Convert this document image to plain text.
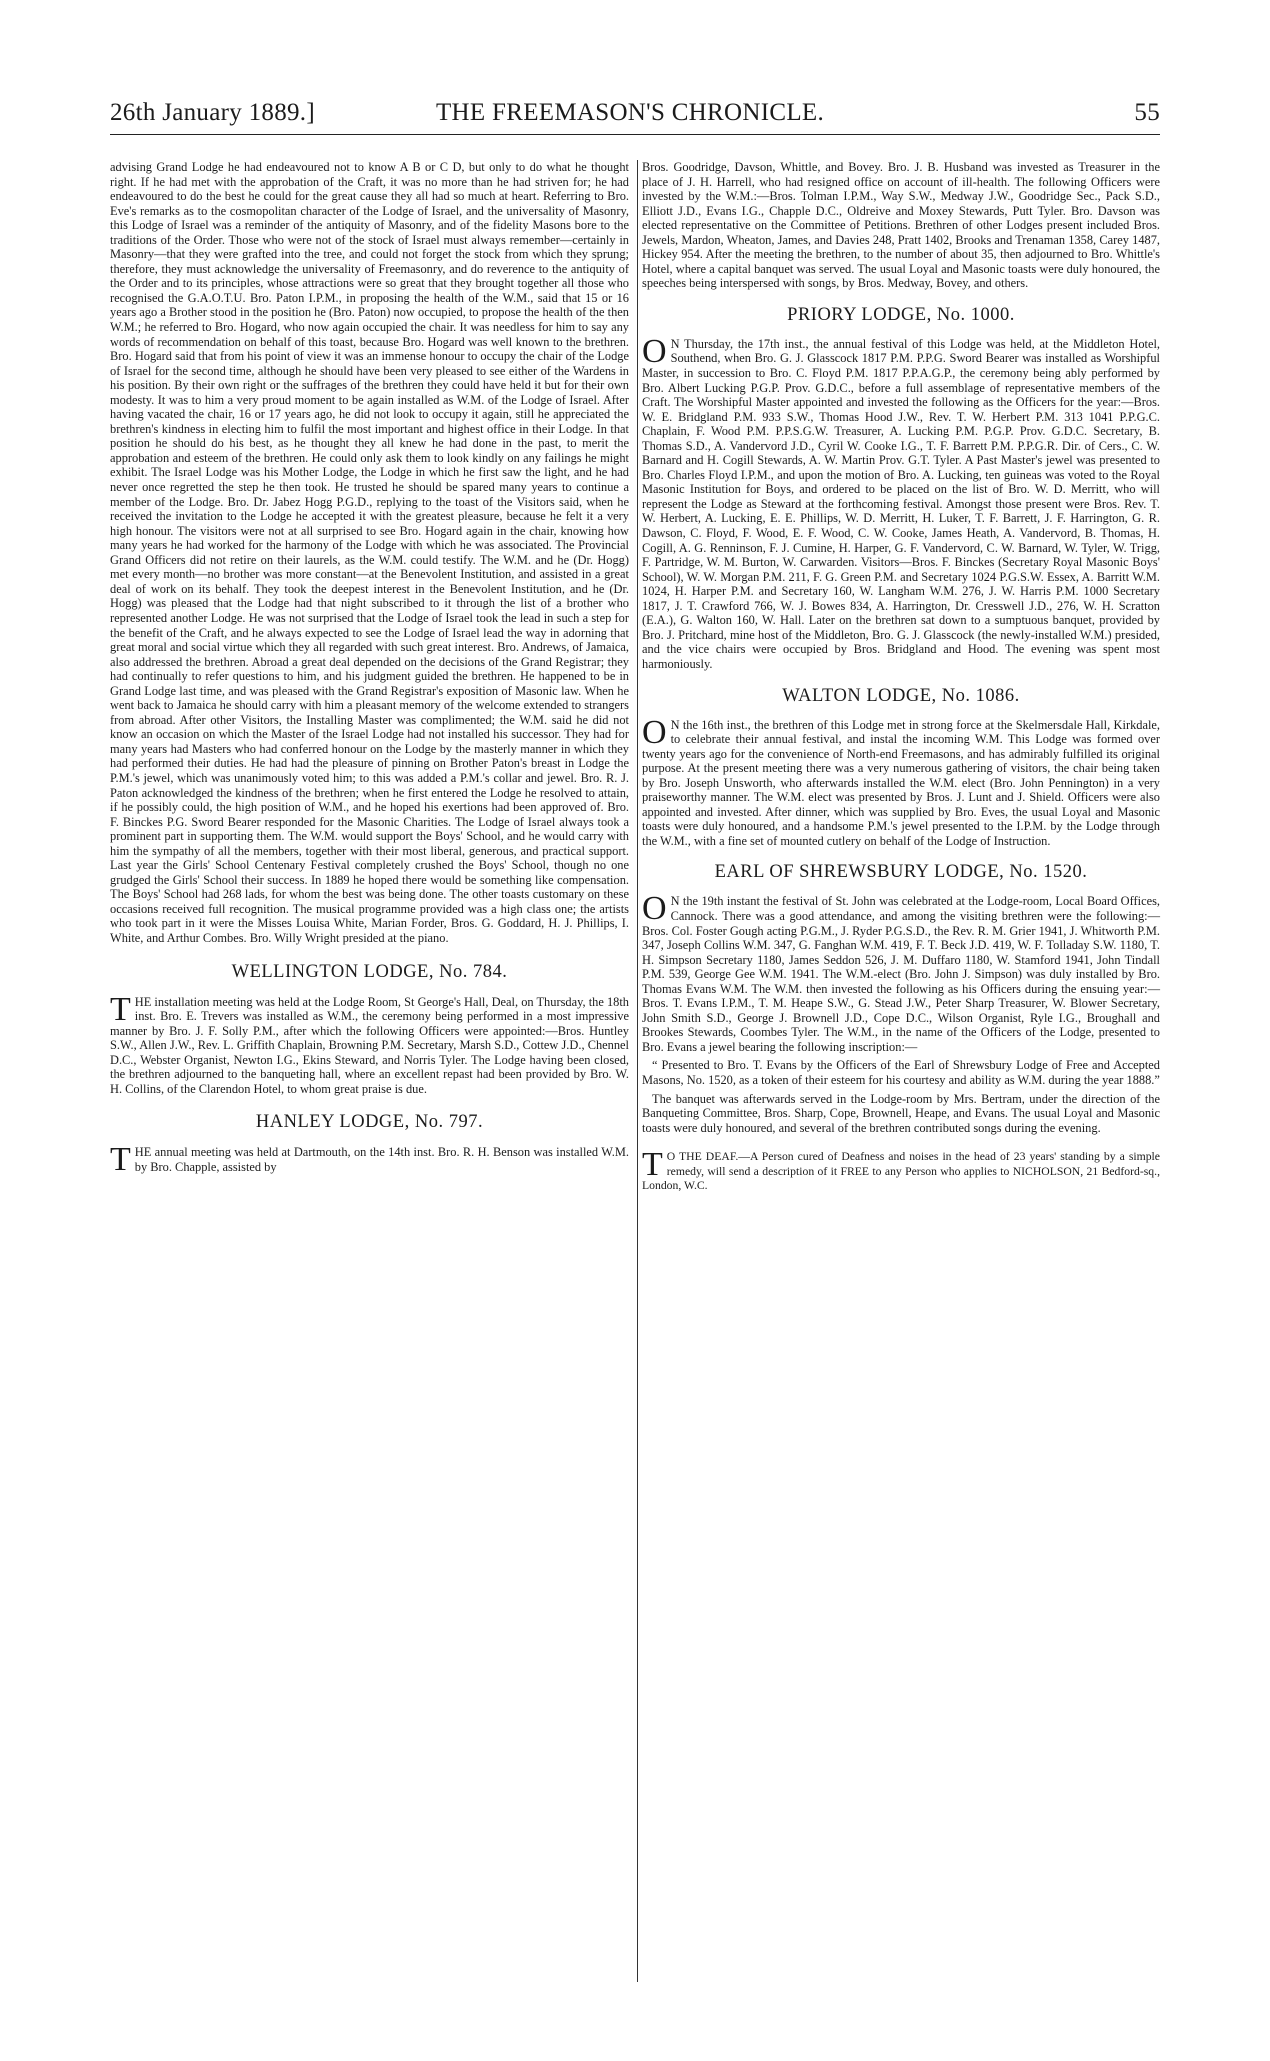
26th January 1889.]	THE FREEMASON'S CHRONICLE.	55

advising Grand Lodge he had endeavoured not to know A B or C D, but only to do what he thought right. If he had met with the approbation of the Craft, it was no more than he had striven for; he had endeavoured to do the best he could for the great cause they all had so much at heart. Referring to Bro. Eve's remarks as to the cosmopolitan character of the Lodge of Israel, and the universality of Masonry, this Lodge of Israel was a reminder of the antiquity of Masonry, and of the fidelity Masons bore to the traditions of the Order. Those who were not of the stock of Israel must always remember—certainly in Masonry—that they were grafted into the tree, and could not forget the stock from which they sprung; therefore, they must acknowledge the universality of Freemasonry, and do reverence to the antiquity of the Order and to its principles, whose attractions were so great that they brought together all those who recognised the G.A.O.T.U. Bro. Paton I.P.M., in proposing the health of the W.M., said that 15 or 16 years ago a Brother stood in the position he (Bro. Paton) now occupied, to propose the health of the then W.M.; he referred to Bro. Hogard, who now again occupied the chair. It was needless for him to say any words of recommendation on behalf of this toast, because Bro. Hogard was well known to the brethren. Bro. Hogard said that from his point of view it was an immense honour to occupy the chair of the Lodge of Israel for the second time, although he should have been very pleased to see either of the Wardens in his position. By their own right or the suffrages of the brethren they could have held it but for their own modesty. It was to him a very proud moment to be again installed as W.M. of the Lodge of Israel. After having vacated the chair, 16 or 17 years ago, he did not look to occupy it again, still he appreciated the brethren's kindness in electing him to fulfil the most important and highest office in their Lodge. In that position he should do his best, as he thought they all knew he had done in the past, to merit the approbation and esteem of the brethren. He could only ask them to look kindly on any failings he might exhibit. The Israel Lodge was his Mother Lodge, the Lodge in which he first saw the light, and he had never once regretted the step he then took. He trusted he should be spared many years to continue a member of the Lodge. Bro. Dr. Jabez Hogg P.G.D., replying to the toast of the Visitors said, when he received the invitation to the Lodge he accepted it with the greatest pleasure, because he felt it a very high honour. The visitors were not at all surprised to see Bro. Hogard again in the chair, knowing how many years he had worked for the harmony of the Lodge with which he was associated. The Provincial Grand Officers did not retire on their laurels, as the W.M. could testify. The W.M. and he (Dr. Hogg) met every month—no brother was more constant—at the Benevolent Institution, and assisted in a great deal of work on its behalf. They took the deepest interest in the Benevolent Institution, and he (Dr. Hogg) was pleased that the Lodge had that night subscribed to it through the list of a brother who represented another Lodge. He was not surprised that the Lodge of Israel took the lead in such a step for the benefit of the Craft, and he always expected to see the Lodge of Israel lead the way in adorning that great moral and social virtue which they all regarded with such great interest. Bro. Andrews, of Jamaica, also addressed the brethren. Abroad a great deal depended on the decisions of the Grand Registrar; they had continually to refer questions to him, and his judgment guided the brethren. He happened to be in Grand Lodge last time, and was pleased with the Grand Registrar's exposition of Masonic law. When he went back to Jamaica he should carry with him a pleasant memory of the welcome extended to strangers from abroad. After other Visitors, the Installing Master was complimented; the W.M. said he did not know an occasion on which the Master of the Israel Lodge had not installed his successor. They had for many years had Masters who had conferred honour on the Lodge by the masterly manner in which they had performed their duties. He had had the pleasure of pinning on Brother Paton's breast in Lodge the P.M.'s jewel, which was unanimously voted him; to this was added a P.M.'s collar and jewel. Bro. R. J. Paton acknowledged the kindness of the brethren; when he first entered the Lodge he resolved to attain, if he possibly could, the high position of W.M., and he hoped his exertions had been approved of. Bro. F. Binckes P.G. Sword Bearer responded for the Masonic Charities. The Lodge of Israel always took a prominent part in supporting them. The W.M. would support the Boys' School, and he would carry with him the sympathy of all the members, together with their most liberal, generous, and practical support. Last year the Girls' School Centenary Festival completely crushed the Boys' School, though no one grudged the Girls' School their success. In 1889 he hoped there would be something like compensation. The Boys' School had 268 lads, for whom the best was being done. The other toasts customary on these occasions received full recognition. The musical programme provided was a high class one; the artists who took part in it were the Misses Louisa White, Marian Forder, Bros. G. Goddard, H. J. Phillips, I. White, and Arthur Combes. Bro. Willy Wright presided at the piano.

WELLINGTON LODGE, No. 784.

THE installation meeting was held at the Lodge Room, St George's Hall, Deal, on Thursday, the 18th inst. Bro. E. Trevers was installed as W.M., the ceremony being performed in a most impressive manner by Bro. J. F. Solly P.M., after which the following Officers were appointed:—Bros. Huntley S.W., Allen J.W., Rev. L. Griffith Chaplain, Browning P.M. Secretary, Marsh S.D., Cottew J.D., Chennel D.C., Webster Organist, Newton I.G., Ekins Steward, and Norris Tyler. The Lodge having been closed, the brethren adjourned to the banqueting hall, where an excellent repast had been provided by Bro. W. H. Collins, of the Clarendon Hotel, to whom great praise is due.

HANLEY LODGE, No. 797.

THE annual meeting was held at Dartmouth, on the 14th inst. Bro. R. H. Benson was installed W.M. by Bro. Chapple, assisted by

Bros. Goodridge, Davson, Whittle, and Bovey. Bro. J. B. Husband was invested as Treasurer in the place of J. H. Harrell, who had resigned office on account of ill-health. The following Officers were invested by the W.M.:—Bros. Tolman I.P.M., Way S.W., Medway J.W., Goodridge Sec., Pack S.D., Elliott J.D., Evans I.G., Chapple D.C., Oldreive and Moxey Stewards, Putt Tyler. Bro. Davson was elected representative on the Committee of Petitions. Brethren of other Lodges present included Bros. Jewels, Mardon, Wheaton, James, and Davies 248, Pratt 1402, Brooks and Trenaman 1358, Carey 1487, Hickey 954. After the meeting the brethren, to the number of about 35, then adjourned to Bro. Whittle's Hotel, where a capital banquet was served. The usual Loyal and Masonic toasts were duly honoured, the speeches being interspersed with songs, by Bros. Medway, Bovey, and others.

PRIORY LODGE, No. 1000.

O N Thursday, the 17th inst., the annual festival of this Lodge was held, at the Middleton Hotel, Southend, when Bro. G. J. Glasscock 1817 P.M. P.P.G. Sword Bearer was installed as Worshipful Master, in succession to Bro. C. Floyd P.M. 1817 P.P.A.G.P., the ceremony being ably performed by Bro. Albert Lucking P.G.P. Prov. G.D.C., before a full assemblage of representative members of the Craft. The Worshipful Master appointed and invested the following as the Officers for the year:—Bros. W. E. Bridgland P.M. 933 S.W., Thomas Hood J.W., Rev. T. W. Herbert P.M. 313 1041 P.P.G.C. Chaplain, F. Wood P.M. P.P.S.G.W. Treasurer, A. Lucking P.M. P.G.P. Prov. G.D.C. Secretary, B. Thomas S.D., A. Vandervord J.D., Cyril W. Cooke I.G., T. F. Barrett P.M. P.P.G.R. Dir. of Cers., C. W. Barnard and H. Cogill Stewards, A. W. Martin Prov. G.T. Tyler. A Past Master's jewel was presented to Bro. Charles Floyd I.P.M., and upon the motion of Bro. A. Lucking, ten guineas was voted to the Royal Masonic Institution for Boys, and ordered to be placed on the list of Bro. W. D. Merritt, who will represent the Lodge as Steward at the forthcoming festival. Amongst those present were Bros. Rev. T. W. Herbert, A. Lucking, E. E. Phillips, W. D. Merritt, H. Luker, T. F. Barrett, J. F. Harrington, G. R. Dawson, C. Floyd, F. Wood, E. F. Wood, C. W. Cooke, James Heath, A. Vandervord, B. Thomas, H. Cogill, A. G. Renninson, F. J. Cumine, H. Harper, G. F. Vandervord, C. W. Barnard, W. Tyler, W. Trigg, F. Partridge, W. M. Burton, W. Carwarden. Visitors—Bros. F. Binckes (Secretary Royal Masonic Boys' School), W. W. Morgan P.M. 211, F. G. Green P.M. and Secretary 1024 P.G.S.W. Essex, A. Barritt W.M. 1024, H. Harper P.M. and Secretary 160, W. Langham W.M. 276, J. W. Harris P.M. 1000 Secretary 1817, J. T. Crawford 766, W. J. Bowes 834, A. Harrington, Dr. Cresswell J.D., 276, W. H. Scratton (E.A.), G. Walton 160, W. Hall. Later on the brethren sat down to a sumptuous banquet, provided by Bro. J. Pritchard, mine host of the Middleton, Bro. G. J. Glasscock (the newly-installed W.M.) presided, and the vice chairs were occupied by Bros. Bridgland and Hood. The evening was spent most harmoniously.

WALTON LODGE, No. 1086.

O N the 16th inst., the brethren of this Lodge met in strong force at the Skelmersdale Hall, Kirkdale, to celebrate their annual festival, and instal the incoming W.M. This Lodge was formed over twenty years ago for the convenience of North-end Freemasons, and has admirably fulfilled its original purpose. At the present meeting there was a very numerous gathering of visitors, the chair being taken by Bro. Joseph Unsworth, who afterwards installed the W.M. elect (Bro. John Pennington) in a very praiseworthy manner. The W.M. elect was presented by Bros. J. Lunt and J. Shield. Officers were also appointed and invested. After dinner, which was supplied by Bro. Eves, the usual Loyal and Masonic toasts were duly honoured, and a handsome P.M.'s jewel presented to the I.P.M. by the Lodge through the W.M., with a fine set of mounted cutlery on behalf of the Lodge of Instruction.

EARL OF SHREWSBURY LODGE, No. 1520.

O N the 19th instant the festival of St. John was celebrated at the Lodge-room, Local Board Offices, Cannock. There was a good attendance, and among the visiting brethren were the following:—Bros. Col. Foster Gough acting P.G.M., J. Ryder P.G.S.D., the Rev. R. M. Grier 1941, J. Whitworth P.M. 347, Joseph Collins W.M. 347, G. Fanghan W.M. 419, F. T. Beck J.D. 419, W. F. Tolladay S.W. 1180, T. H. Simpson Secretary 1180, James Seddon 526, J. M. Duffaro 1180, W. Stamford 1941, John Tindall P.M. 539, George Gee W.M. 1941. The W.M.-elect (Bro. John J. Simpson) was duly installed by Bro. Thomas Evans W.M. The W.M. then invested the following as his Officers during the ensuing year:—Bros. T. Evans I.P.M., T. M. Heape S.W., G. Stead J.W., Peter Sharp Treasurer, W. Blower Secretary, John Smith S.D., George J. Brownell J.D., Cope D.C., Wilson Organist, Ryle I.G., Broughall and Brookes Stewards, Coombes Tyler. The W.M., in the name of the Officers of the Lodge, presented to Bro. Evans a jewel bearing the following inscription:—

“ Presented to Bro. T. Evans by the Officers of the Earl of Shrewsbury Lodge of Free and Accepted Masons, No. 1520, as a token of their esteem for his courtesy and ability as W.M. during the year 1888.”

The banquet was afterwards served in the Lodge-room by Mrs. Bertram, under the direction of the Banqueting Committee, Bros. Sharp, Cope, Brownell, Heape, and Evans. The usual Loyal and Masonic toasts were duly honoured, and several of the brethren contributed songs during the evening.

T O THE DEAF.—A Person cured of Deafness and noises in the head of 23 years' standing by a simple remedy, will send a description of it FREE to any Person who applies to NICHOLSON, 21 Bedford-sq., London, W.C.
